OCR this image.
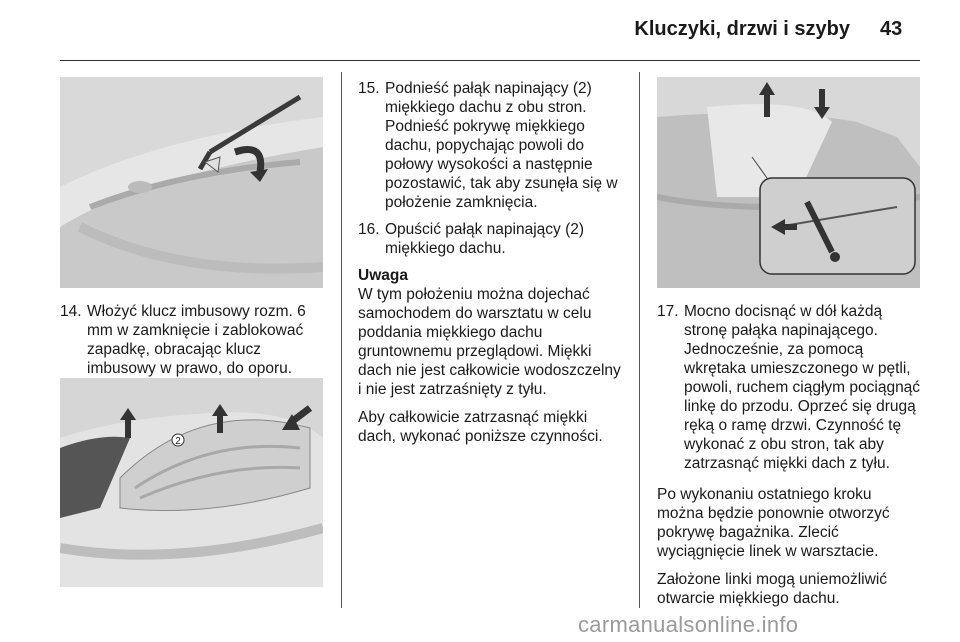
Kluczyki, drzwi i szyby 43
14. Włożyć klucz imbusowy rozm. 6 mm w zamknięcie i zablokować zapadkę, obracając klucz imbusowy w prawo, do oporu.
2
15. Podnieść pałąk napinający (2) miękkiego dachu z obu stron. Podnieść pokrywę miękkiego dachu, popychając powoli do połowy wysokości a następnie pozostawić, tak aby zsunęła się w położenie zamknięcia.
16. Opuścić pałąk napinający (2) miękkiego dachu.
Uwaga

W tym położeniu można dojechać samochodem do warsztatu w celu poddania miękkiego dachu gruntownemu przeglądowi. Miękki dach nie jest całkowicie wodoszczelny i nie jest zatrzaśnięty z tyłu.

Aby całkowicie zatrzasnąć miękki dach, wykonać poniższe czynności.

17. Mocno docisnąć w dół każdą stronę pałąka napinającego. Jednocześnie, za pomocą wkrętaka umieszczonego w pętli, powoli, ruchem ciągłym pociągnąć linkę do przodu. Oprzeć się drugą ręką o ramę drzwi. Czynność tę wykonać z obu stron, tak aby zatrzasnąć miękki dach z tyłu.

Po wykonaniu ostatniego kroku można będzie ponownie otworzyć pokrywę bagażnika. Zlecić wyciągnięcie linek w warsztacie.

Założone linki mogą uniemożliwić otwarcie miękkiego dachu.

carmanualsonline.info
